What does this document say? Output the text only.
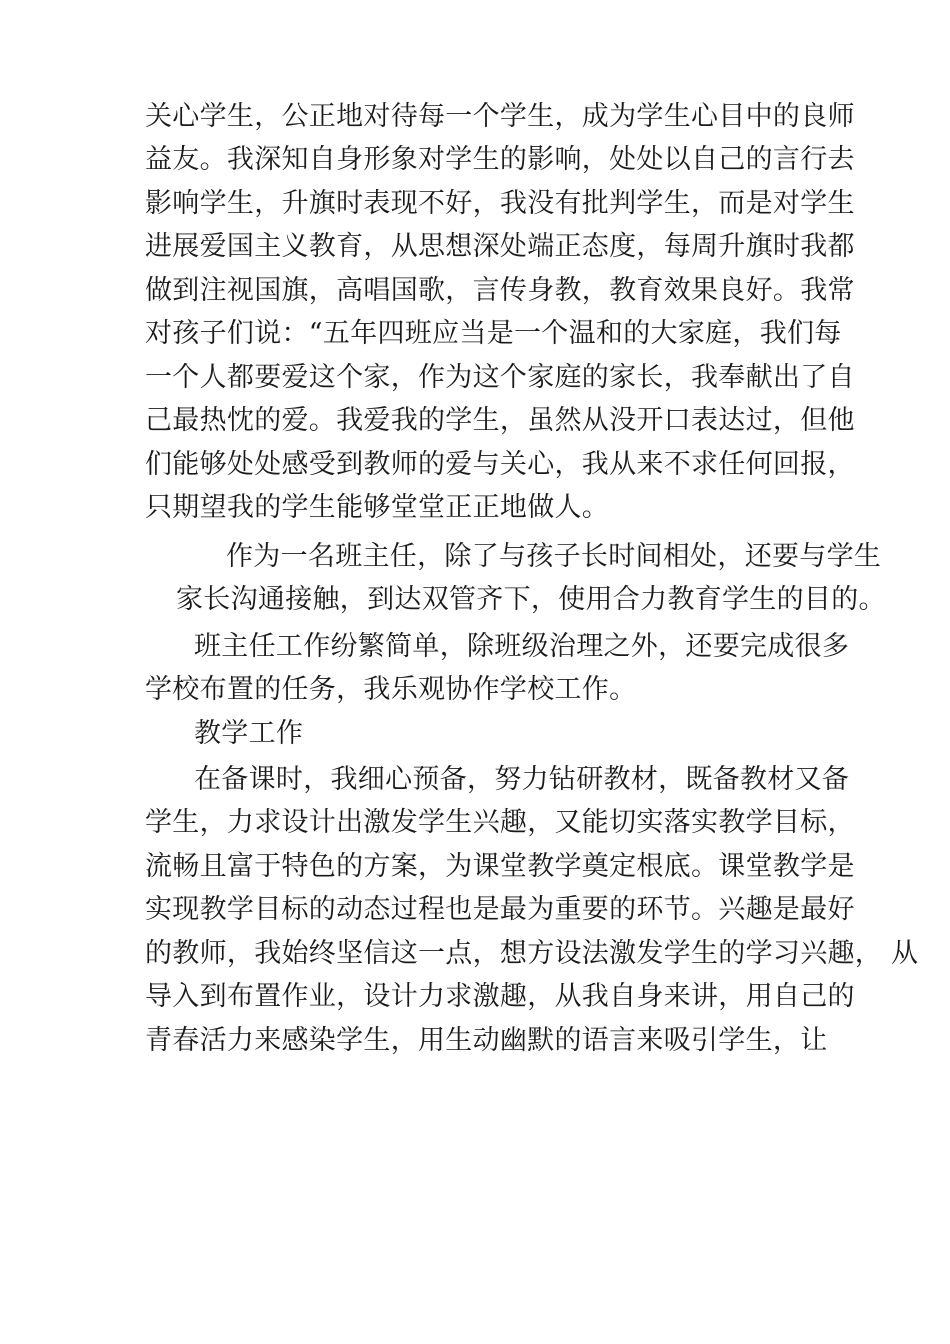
关心学生，公正地对待每一个学生，成为学生心目中的良师
益友。我深知自身形象对学生的影响，处处以自己的言行去
影响学生，升旗时表现不好，我没有批判学生，而是对学生
进展爱国主义教育，从思想深处端正态度，每周升旗时我都
做到注视国旗，高唱国歌，言传身教，教育效果良好。我常
对孩子们说：“五年四班应当是一个温和的大家庭，我们每
一个人都要爱这个家，作为这个家庭的家长，我奉献出了自
己最热忱的爱。我爱我的学生，虽然从没开口表达过，但他
们能够处处感受到教师的爱与关心，我从来不求任何回报，
只期望我的学生能够堂堂正正地做人。
作为一名班主任，除了与孩子长时间相处，还要与学生
家长沟通接触，到达双管齐下，使用合力教育学生的目的。
班主任工作纷繁简单，除班级治理之外，还要完成很多
学校布置的任务，我乐观协作学校工作。
教学工作
在备课时，我细心预备，努力钻研教材，既备教材又备
学生，力求设计出激发学生兴趣，又能切实落实教学目标，
流畅且富于特色的方案，为课堂教学奠定根底。课堂教学是
实现教学目标的动态过程也是最为重要的环节。兴趣是最好
的教师，我始终坚信这一点，想方设法激发学生的学习兴趣， 从
导入到布置作业，设计力求激趣，从我自身来讲，用自己的
青春活力来感染学生，用生动幽默的语言来吸引学生，让
